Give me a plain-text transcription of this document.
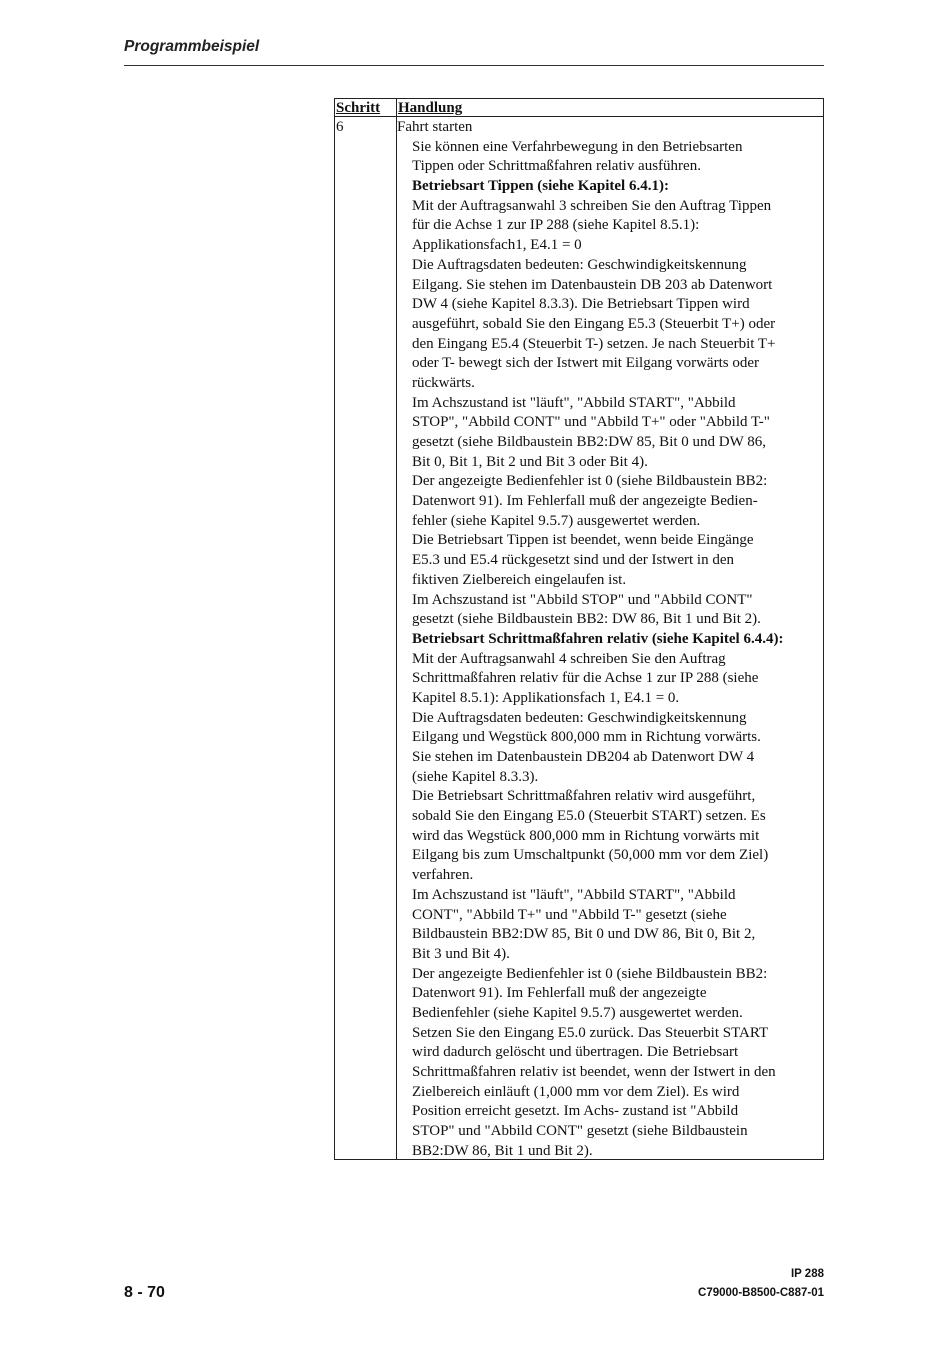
Programmbeispiel
Schritt Handlung
6	Fahrt starten
Sie können eine Verfahrbewegung in den Betriebsarten
Tippen oder Schrittmaßfahren relativ ausführen.
Betriebsart Tippen (siehe Kapitel 6.4.1):
Mit der Auftragsanwahl 3 schreiben Sie den Auftrag Tippen
für die Achse 1 zur IP 288 (siehe Kapitel 8.5.1):
Applikationsfach1, E4.1 = 0
Die Auftragsdaten bedeuten: Geschwindigkeitskennung
Eilgang. Sie stehen im Datenbaustein DB 203 ab Datenwort
DW 4 (siehe Kapitel 8.3.3). Die Betriebsart Tippen wird
ausgeführt, sobald Sie den Eingang E5.3 (Steuerbit T+) oder
den Eingang E5.4 (Steuerbit T-) setzen. Je nach Steuerbit T+
oder T- bewegt sich der Istwert mit Eilgang vorwärts oder
rückwärts.
Im Achszustand ist "läuft", "Abbild START", "Abbild
STOP", "Abbild CONT" und "Abbild T+" oder "Abbild T-"
gesetzt (siehe Bildbaustein BB2:DW 85, Bit 0 und DW 86,
Bit 0, Bit 1, Bit 2 und Bit 3 oder Bit 4).
Der angezeigte Bedienfehler ist 0 (siehe Bildbaustein BB2:
Datenwort 91). Im Fehlerfall muß der angezeigte Bedien-
fehler (siehe Kapitel 9.5.7) ausgewertet werden.
Die Betriebsart Tippen ist beendet, wenn beide Eingänge
E5.3 und E5.4 rückgesetzt sind und der Istwert in den
fiktiven Zielbereich eingelaufen ist.
Im Achszustand ist "Abbild STOP" und "Abbild CONT"
gesetzt (siehe Bildbaustein BB2: DW 86, Bit 1 und Bit 2).
Betriebsart Schrittmaßfahren relativ (siehe Kapitel 6.4.4):
Mit der Auftragsanwahl 4 schreiben Sie den Auftrag
Schrittmaßfahren relativ für die Achse 1 zur IP 288 (siehe
Kapitel 8.5.1): Applikationsfach 1, E4.1 = 0.
Die Auftragsdaten bedeuten: Geschwindigkeitskennung
Eilgang und Wegstück 800,000 mm in Richtung vorwärts.
Sie stehen im Datenbaustein DB204 ab Datenwort DW 4
(siehe Kapitel 8.3.3).
Die Betriebsart Schrittmaßfahren relativ wird ausgeführt,
sobald Sie den Eingang E5.0 (Steuerbit START) setzen. Es
wird das Wegstück 800,000 mm in Richtung vorwärts mit
Eilgang bis zum Umschaltpunkt (50,000 mm vor dem Ziel)
verfahren.
Im Achszustand ist "läuft", "Abbild START", "Abbild
CONT", "Abbild T+" und "Abbild T-" gesetzt (siehe
Bildbaustein BB2:DW 85, Bit 0 und DW 86, Bit 0, Bit 2,
Bit 3 und Bit 4).
Der angezeigte Bedienfehler ist 0 (siehe Bildbaustein BB2:
Datenwort 91). Im Fehlerfall muß der angezeigte
Bedienfehler (siehe Kapitel 9.5.7) ausgewertet werden.
Setzen Sie den Eingang E5.0 zurück. Das Steuerbit START
wird dadurch gelöscht und übertragen. Die Betriebsart
Schrittmaßfahren relativ ist beendet, wenn der Istwert in den
Zielbereich einläuft (1,000 mm vor dem Ziel). Es wird
Position erreicht gesetzt. Im Achs- zustand ist "Abbild
STOP" und "Abbild CONT" gesetzt (siehe Bildbaustein
BB2:DW 86, Bit 1 und Bit 2).
8 - 70
IP 288
C79000-B8500-C887-01
